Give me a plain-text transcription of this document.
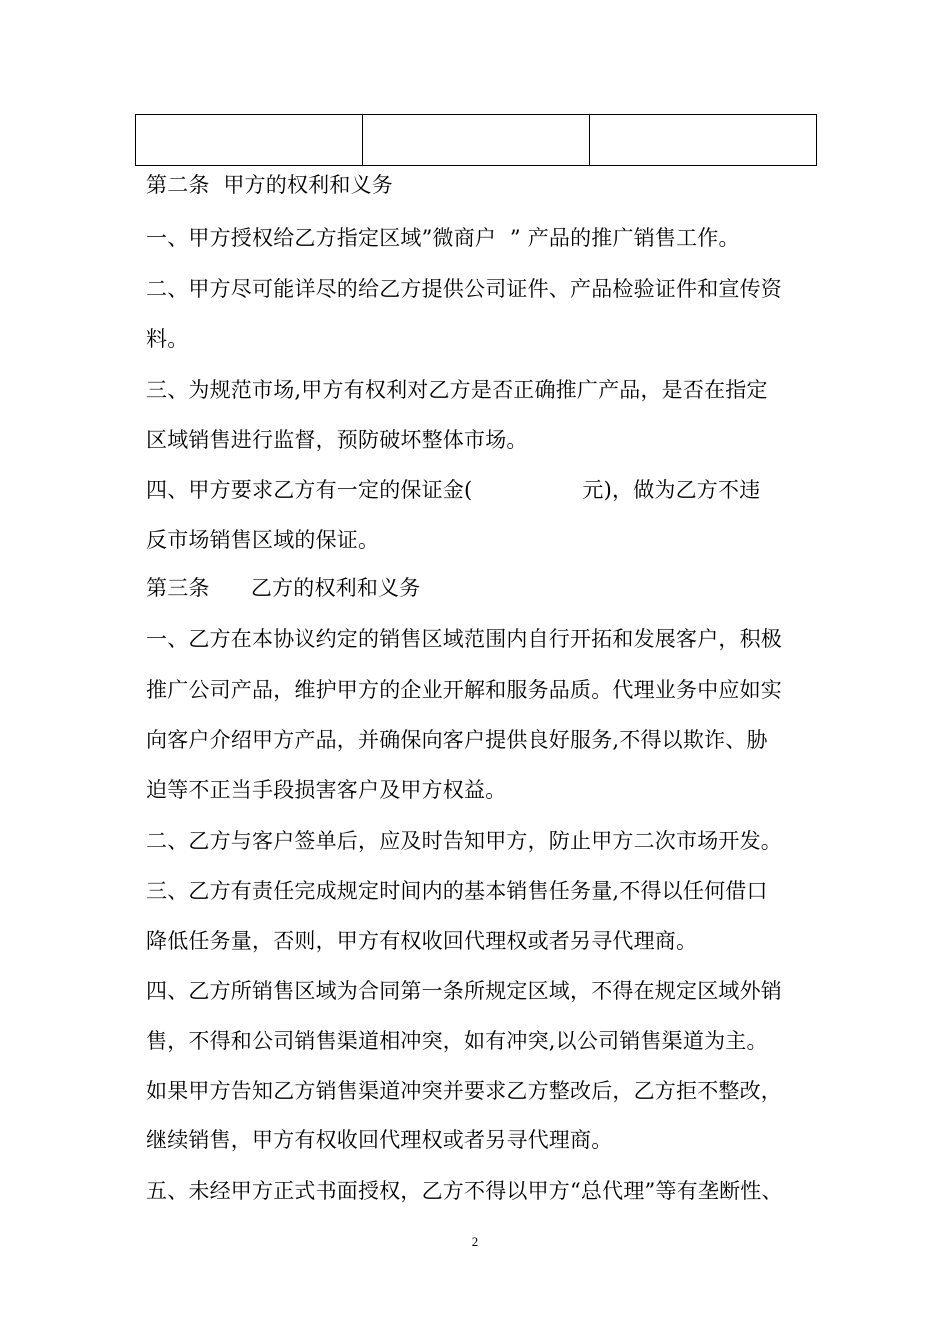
第二条  甲方的权利和义务
一、甲方授权给乙方指定区域”微商户  ” 产品的推广销售工作。
二、甲方尽可能详尽的给乙方提供公司证件、产品检验证件和宣传资
料。
三、为规范市场,甲方有权利对乙方是否正确推广产品，是否在指定
区域销售进行监督，预防破坏整体市场。
四、甲方要求乙方有一定的保证金(                元)，做为乙方不违
反市场销售区域的保证。
第三条      乙方的权利和义务
一、乙方在本协议约定的销售区域范围内自行开拓和发展客户，积极
推广公司产品，维护甲方的企业开解和服务品质。代理业务中应如实
向客户介绍甲方产品，并确保向客户提供良好服务,不得以欺诈、胁
迫等不正当手段损害客户及甲方权益。
二、乙方与客户签单后，应及时告知甲方，防止甲方二次市场开发。
三、乙方有责任完成规定时间内的基本销售任务量,不得以任何借口
降低任务量，否则，甲方有权收回代理权或者另寻代理商。
四、乙方所销售区域为合同第一条所规定区域，不得在规定区域外销
售，不得和公司销售渠道相冲突，如有冲突,以公司销售渠道为主。
如果甲方告知乙方销售渠道冲突并要求乙方整改后，乙方拒不整改，
继续销售，甲方有权收回代理权或者另寻代理商。
五、未经甲方正式书面授权，乙方不得以甲方“总代理”等有垄断性、
2
